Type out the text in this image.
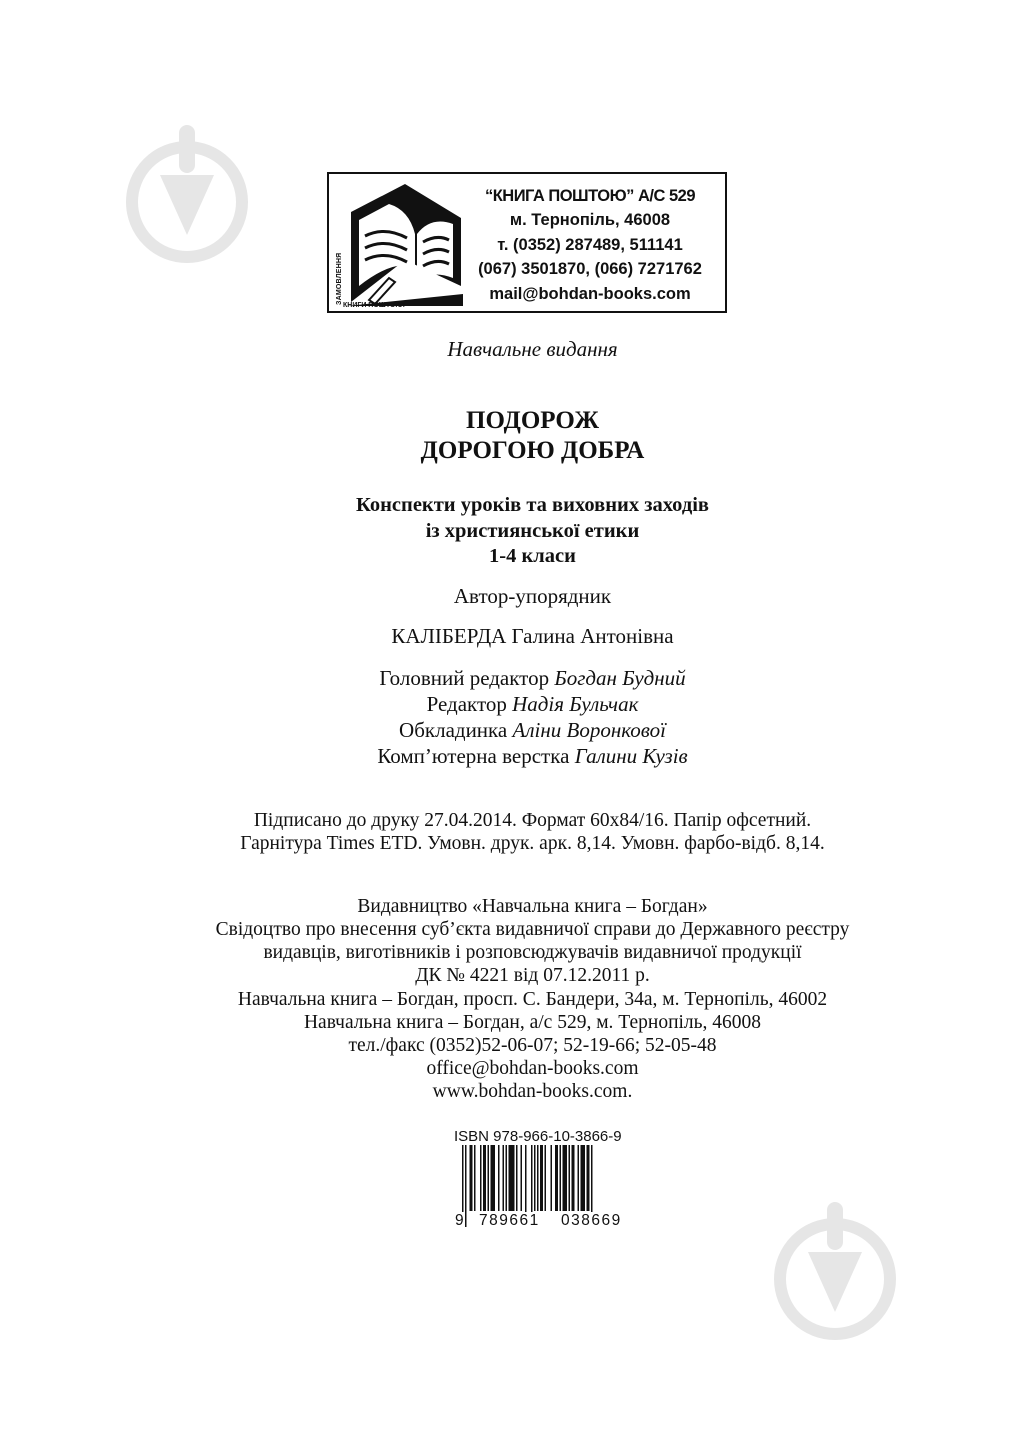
ЗАМОВЛЕННЯ
“КНИГА ПОШТОЮ” А/С 529
м. Тернопіль, 46008
т. (0352) 287489, 511141
(067) 3501870, (066) 7271762
mail@bohdan-books.com
КНИГИ ПОШТОЮ:
Навчальне видання
ПОДОРОЖ
ДОРОГОЮ ДОБРА
Конспекти уроків та виховних заходів
із християнської етики
1-4 класи
Автор-упорядник
КАЛІБЕРДА Галина Антонівна
Головний редактор Богдан Будний
Редактор Надія Бульчак
Обкладинка Аліни Воронкової
Комп’ютерна верстка Галини Кузів
Підписано до друку 27.04.2014. Формат 60х84/16. Папір офсетний.
Гарнітура Times ETD. Умовн. друк. арк. 8,14. Умовн. фарбо-відб. 8,14.
Видавництво «Навчальна книга – Богдан»
Свідоцтво про внесення суб’єкта видавничої справи до Державного реєстру
видавців, виготівників і розповсюджувачів видавничої продукції
ДК № 4221 від 07.12.2011 р.
Навчальна книга – Богдан, просп. С. Бандери, 34а, м. Тернопіль, 46002
Навчальна книга – Богдан, а/с 529, м. Тернопіль, 46008
тел./факс (0352)52-06-07; 52-19-66; 52-05-48
office@bohdan-books.com
www.bohdan-books.com.
ISBN 978-966-10-3866-9
9 789661 038669
